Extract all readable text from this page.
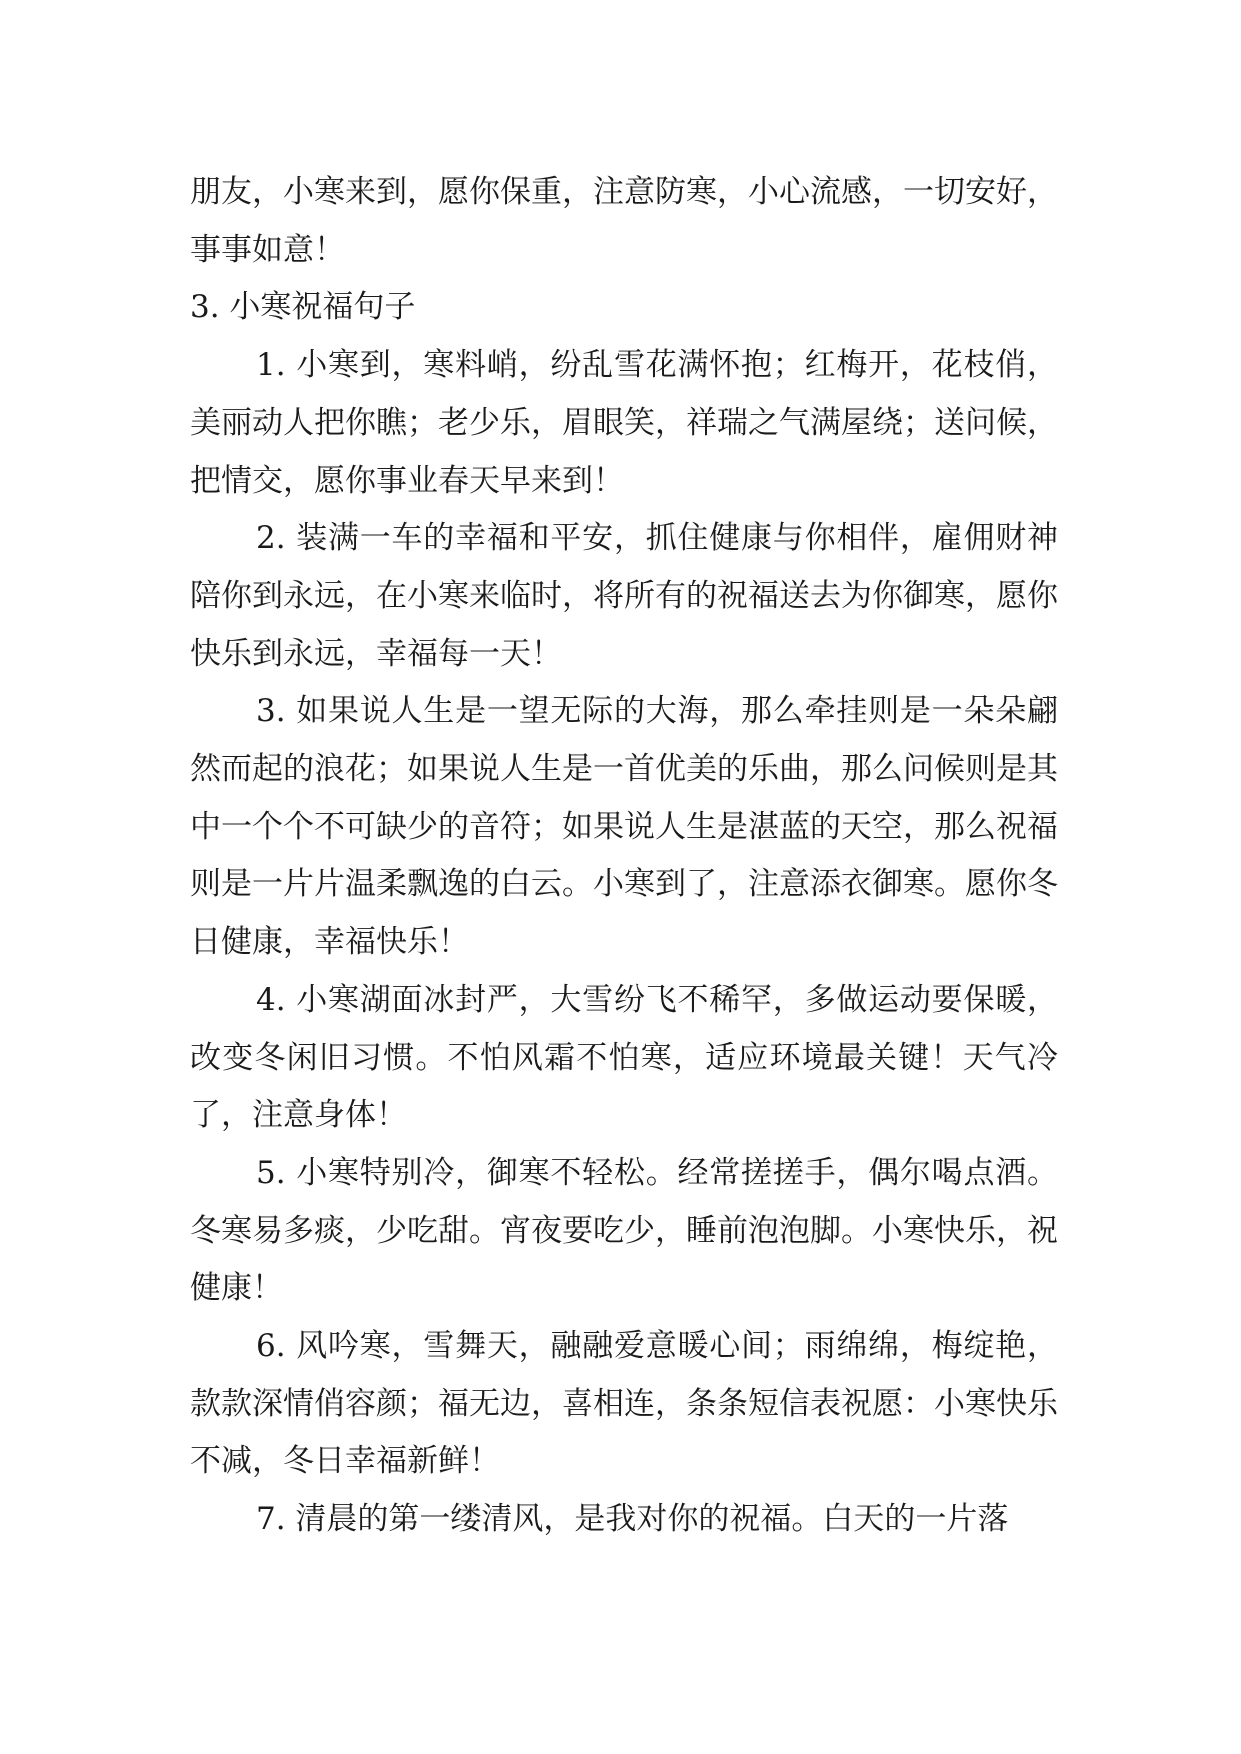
朋友，小寒来到，愿你保重，注意防寒，小心流感，一切安好，事事如意！

3. 小寒祝福句子

1. 小寒到，寒料峭，纷乱雪花满怀抱；红梅开，花枝俏，美丽动人把你瞧；老少乐，眉眼笑，祥瑞之气满屋绕；送问候，把情交，愿你事业春天早来到！

2. 装满一车的幸福和平安，抓住健康与你相伴，雇佣财神陪你到永远，在小寒来临时，将所有的祝福送去为你御寒，愿你快乐到永远，幸福每一天！

3. 如果说人生是一望无际的大海，那么牵挂则是一朵朵翩然而起的浪花；如果说人生是一首优美的乐曲，那么问候则是其中一个个不可缺少的音符；如果说人生是湛蓝的天空，那么祝福则是一片片温柔飘逸的白云。小寒到了，注意添衣御寒。愿你冬日健康，幸福快乐！

4. 小寒湖面冰封严，大雪纷飞不稀罕，多做运动要保暖，改变冬闲旧习惯。不怕风霜不怕寒，适应环境最关键！天气冷了，注意身体！

5. 小寒特别冷，御寒不轻松。经常搓搓手，偶尔喝点酒。冬寒易多痰，少吃甜。宵夜要吃少，睡前泡泡脚。小寒快乐，祝健康！

6. 风吟寒，雪舞天，融融爱意暖心间；雨绵绵，梅绽艳，款款深情俏容颜；福无边，喜相连，条条短信表祝愿：小寒快乐不减，冬日幸福新鲜！

7. 清晨的第一缕清风，是我对你的祝福。白天的一片落
